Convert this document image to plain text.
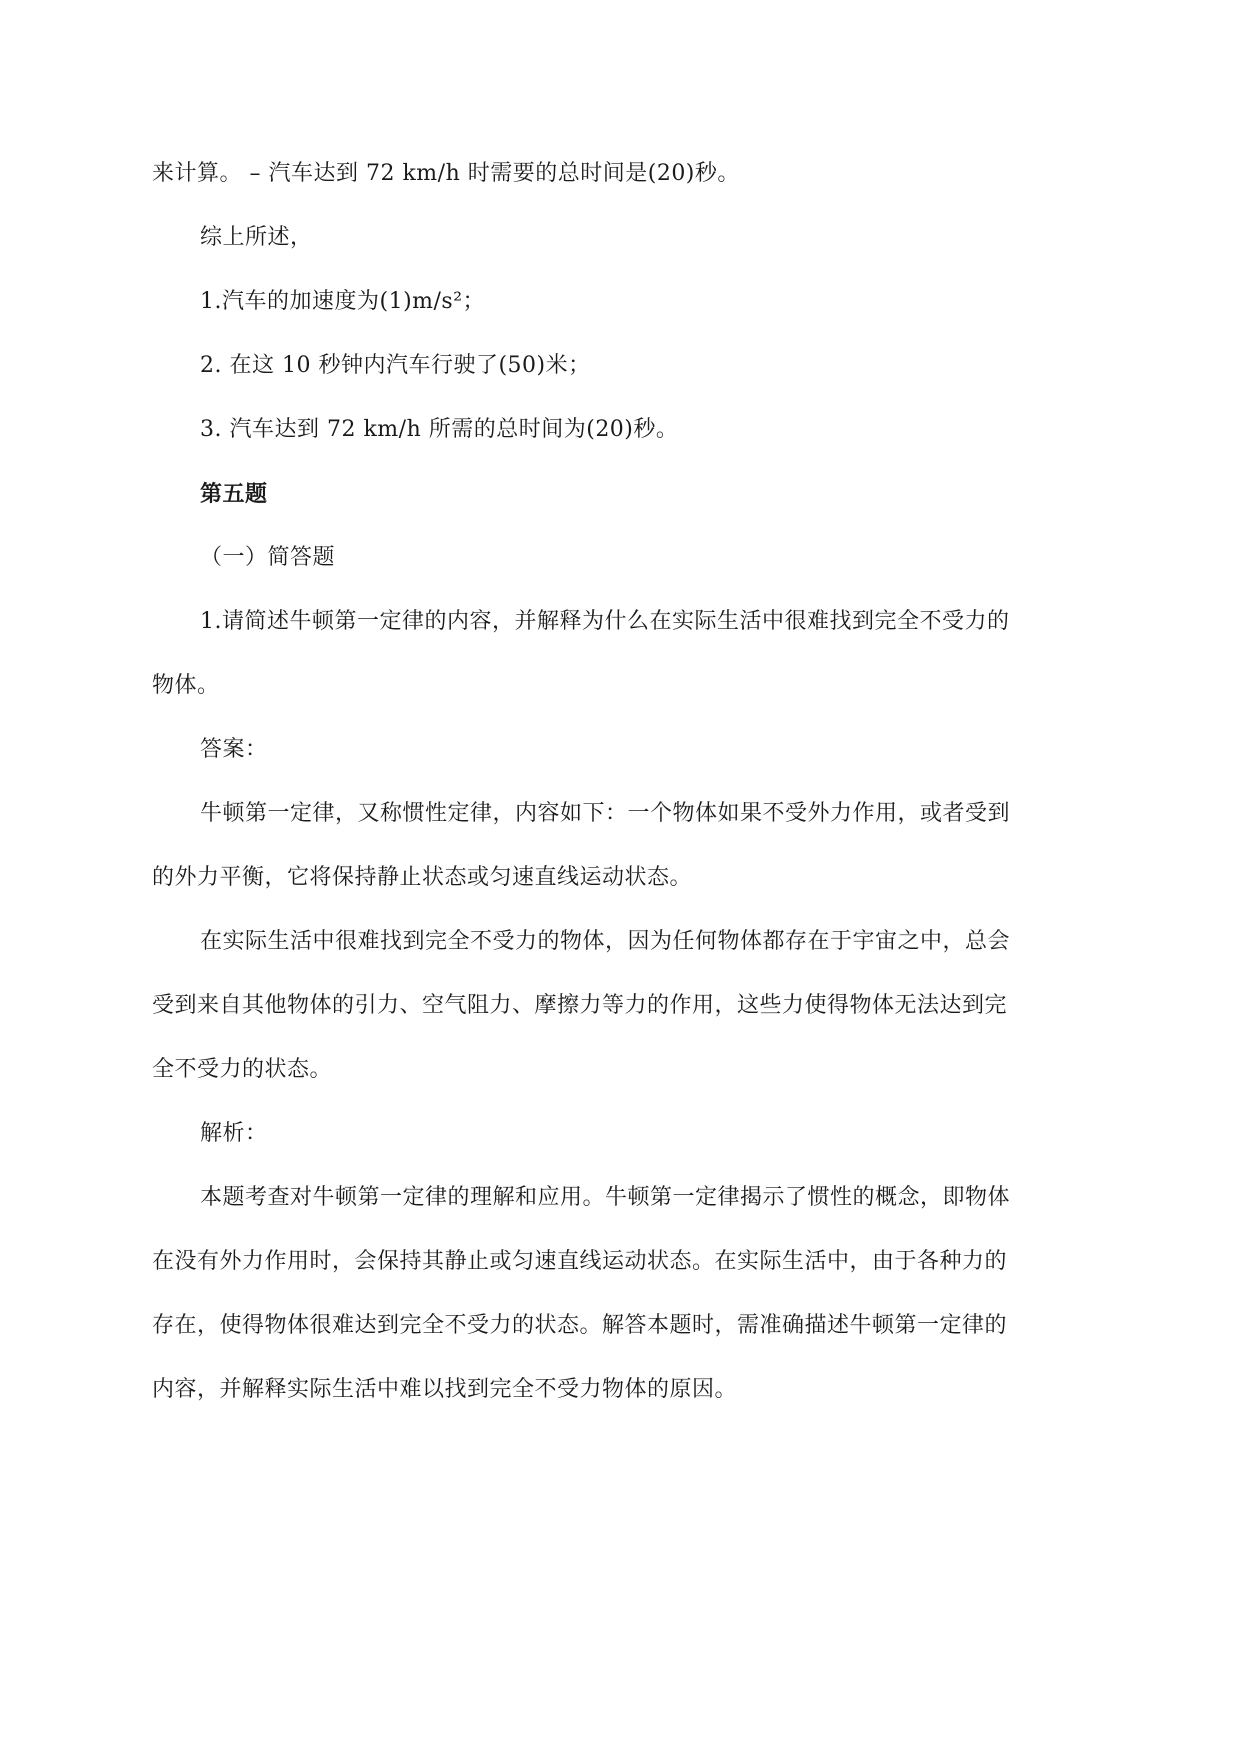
来计算。 – 汽车达到 72 km/h 时需要的总时间是(20)秒。
综上所述，
1.汽车的加速度为(1)m/s²；
2. 在这 10 秒钟内汽车行驶了(50)米；
3. 汽车达到 72 km/h 所需的总时间为(20)秒。
第五题
（一）简答题
1.请简述牛顿第一定律的内容，并解释为什么在实际生活中很难找到完全不受力的
物体。
答案：
牛顿第一定律，又称惯性定律，内容如下：一个物体如果不受外力作用，或者受到
的外力平衡，它将保持静止状态或匀速直线运动状态。
在实际生活中很难找到完全不受力的物体，因为任何物体都存在于宇宙之中，总会
受到来自其他物体的引力、空气阻力、摩擦力等力的作用，这些力使得物体无法达到完
全不受力的状态。
解析：
本题考查对牛顿第一定律的理解和应用。牛顿第一定律揭示了惯性的概念，即物体
在没有外力作用时，会保持其静止或匀速直线运动状态。在实际生活中，由于各种力的
存在，使得物体很难达到完全不受力的状态。解答本题时，需准确描述牛顿第一定律的
内容，并解释实际生活中难以找到完全不受力物体的原因。
